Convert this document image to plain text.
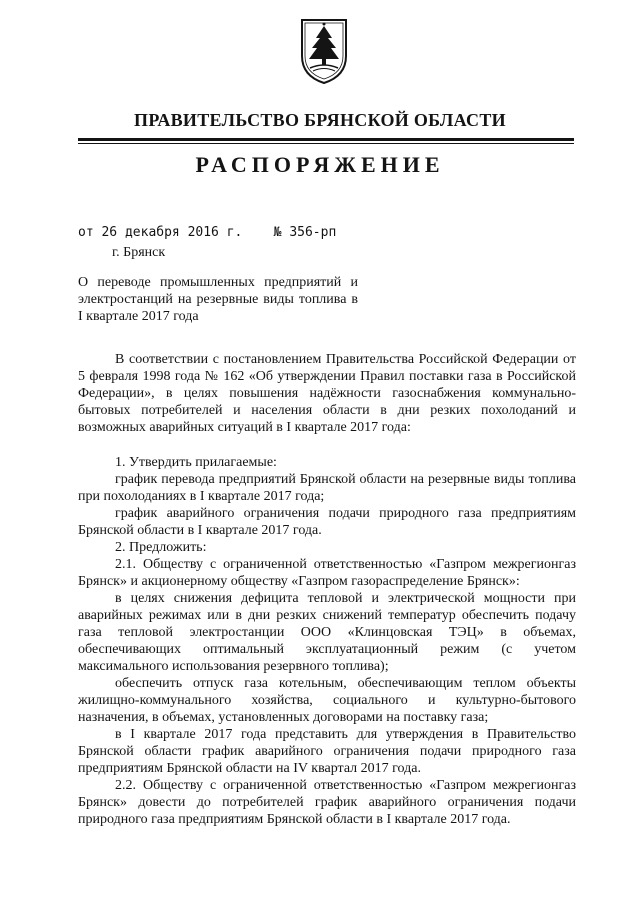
ПРАВИТЕЛЬСТВО БРЯНСКОЙ ОБЛАСТИ
РАСПОРЯЖЕНИЕ
от 26 декабря 2016 г.    № 356-рп
г. Брянск
О переводе промышленных предприятий и электростанций на резервные виды топлива в I квартале 2017 года

В соответствии с постановлением Правительства Российской Федерации от 5 февраля 1998 года № 162 «Об утверждении Правил поставки газа в Российской Федерации», в целях повышения надёжности газоснабжения коммунально-бытовых потребителей и населения области в дни резких похолоданий и возможных аварийных ситуаций в I квартале 2017 года:

1. Утвердить прилагаемые:

график перевода предприятий Брянской области на резервные виды топлива при похолоданиях в I квартале 2017 года;

график аварийного ограничения подачи природного газа предприятиям Брянской области в I квартале 2017 года.

2. Предложить:

2.1. Обществу с ограниченной ответственностью «Газпром межрегионгаз Брянск» и акционерному обществу «Газпром газораспределение Брянск»:

в целях снижения дефицита тепловой и электрической мощности при аварийных режимах или в дни резких снижений температур обеспечить подачу газа тепловой электростанции ООО «Клинцовская ТЭЦ» в объемах, обеспечивающих оптимальный эксплуатационный режим (с учетом максимального использования резервного топлива);

обеспечить отпуск газа котельным, обеспечивающим теплом объекты жилищно-коммунального хозяйства, социального и культурно-бытового назначения, в объемах, установленных договорами на поставку газа;

в I квартале 2017 года представить для утверждения в Правительство Брянской области график аварийного ограничения подачи природного газа предприятиям Брянской области на IV квартал 2017 года.

2.2. Обществу с ограниченной ответственностью «Газпром межрегионгаз Брянск» довести до потребителей график аварийного ограничения подачи природного газа предприятиям Брянской области в I квартале 2017 года.
